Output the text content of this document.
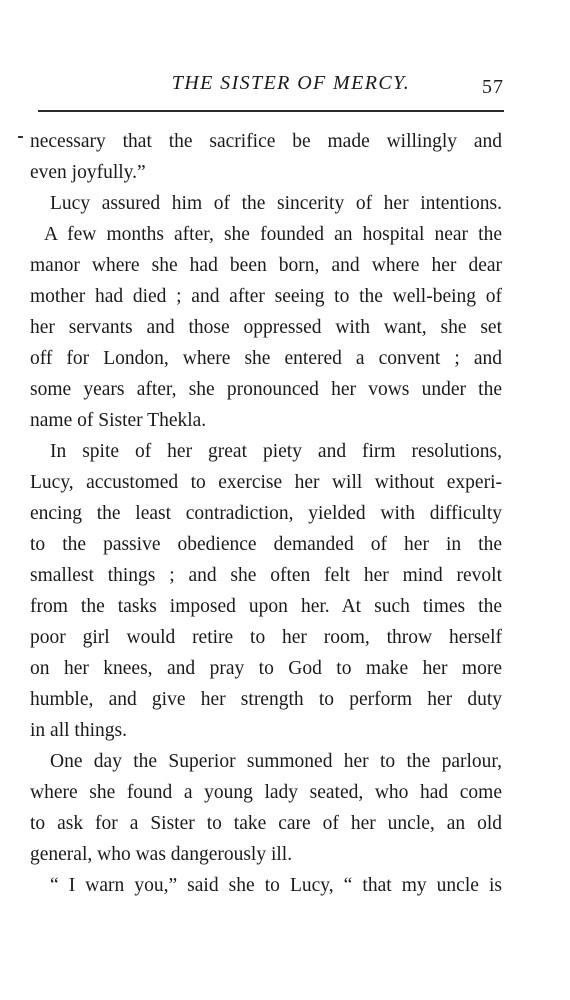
THE SISTER OF MERCY.	57
necessary that the sacrifice be made willingly and
even joyfully.”
Lucy assured him of the sincerity of her intentions.
A few months after, she founded an hospital near the
manor where she had been born, and where her dear
mother had died ; and after seeing to the well-being of
her servants and those oppressed with want, she set
off for London, where she entered a convent ; and
some years after, she pronounced her vows under the
name of Sister Thekla.
In spite of her great piety and firm resolutions,
Lucy, accustomed to exercise her will without experi-
encing the least contradiction, yielded with difficulty
to the passive obedience demanded of her in the
smallest things ; and she often felt her mind revolt
from the tasks imposed upon her. At such times the
poor girl would retire to her room, throw herself
on her knees, and pray to God to make her more
humble, and give her strength to perform her duty
in all things.
One day the Superior summoned her to the parlour,
where she found a young lady seated, who had come
to ask for a Sister to take care of her uncle, an old
general, who was dangerously ill.
“ I warn you,” said she to Lucy, “ that my uncle is
